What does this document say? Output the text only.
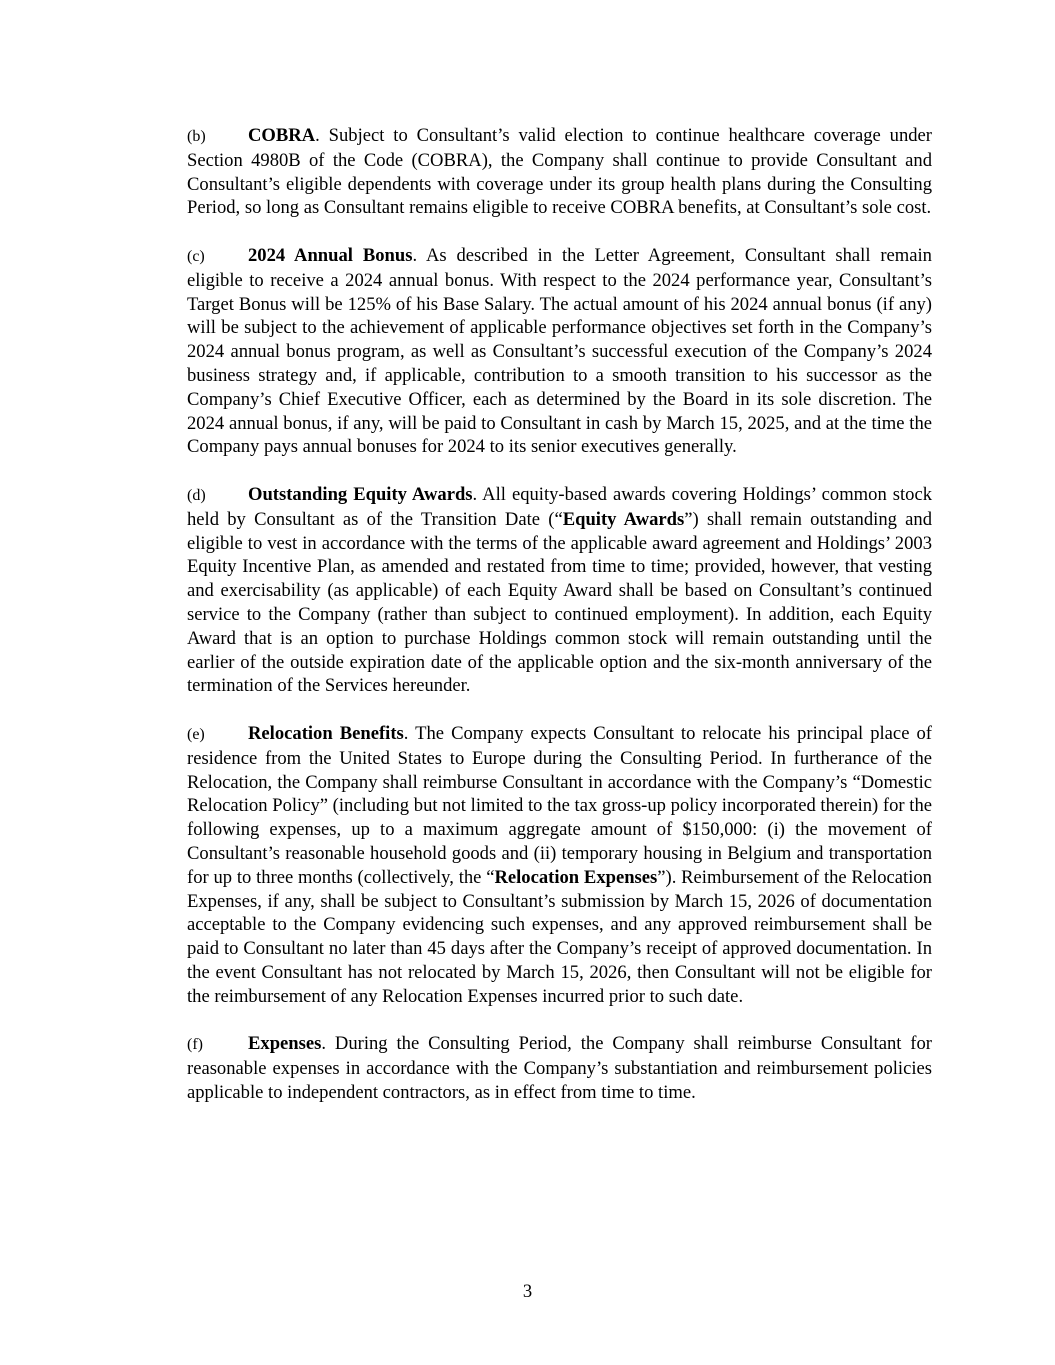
(b) COBRA. Subject to Consultant’s valid election to continue healthcare coverage under Section 4980B of the Code (COBRA), the Company shall continue to provide Consultant and Consultant’s eligible dependents with coverage under its group health plans during the Consulting Period, so long as Consultant remains eligible to receive COBRA benefits, at Consultant’s sole cost.

(c) 2024 Annual Bonus. As described in the Letter Agreement, Consultant shall remain eligible to receive a 2024 annual bonus. With respect to the 2024 performance year, Consultant’s Target Bonus will be 125% of his Base Salary. The actual amount of his 2024 annual bonus (if any) will be subject to the achievement of applicable performance objectives set forth in the Company’s 2024 annual bonus program, as well as Consultant’s successful execution of the Company’s 2024 business strategy and, if applicable, contribution to a smooth transition to his successor as the Company’s Chief Executive Officer, each as determined by the Board in its sole discretion. The 2024 annual bonus, if any, will be paid to Consultant in cash by March 15, 2025, and at the time the Company pays annual bonuses for 2024 to its senior executives generally.

(d) Outstanding Equity Awards. All equity-based awards covering Holdings’ common stock held by Consultant as of the Transition Date (“Equity Awards”) shall remain outstanding and eligible to vest in accordance with the terms of the applicable award agreement and Holdings’ 2003 Equity Incentive Plan, as amended and restated from time to time; provided, however, that vesting and exercisability (as applicable) of each Equity Award shall be based on Consultant’s continued service to the Company (rather than subject to continued employment). In addition, each Equity Award that is an option to purchase Holdings common stock will remain outstanding until the earlier of the outside expiration date of the applicable option and the six-month anniversary of the termination of the Services hereunder.

(e) Relocation Benefits. The Company expects Consultant to relocate his principal place of residence from the United States to Europe during the Consulting Period. In furtherance of the Relocation, the Company shall reimburse Consultant in accordance with the Company’s “Domestic Relocation Policy” (including but not limited to the tax gross-up policy incorporated therein) for the following expenses, up to a maximum aggregate amount of $150,000: (i) the movement of Consultant’s reasonable household goods and (ii) temporary housing in Belgium and transportation for up to three months (collectively, the “Relocation Expenses”). Reimbursement of the Relocation Expenses, if any, shall be subject to Consultant’s submission by March 15, 2026 of documentation acceptable to the Company evidencing such expenses, and any approved reimbursement shall be paid to Consultant no later than 45 days after the Company’s receipt of approved documentation. In the event Consultant has not relocated by March 15, 2026, then Consultant will not be eligible for the reimbursement of any Relocation Expenses incurred prior to such date.

(f) Expenses. During the Consulting Period, the Company shall reimburse Consultant for reasonable expenses in accordance with the Company’s substantiation and reimbursement policies applicable to independent contractors, as in effect from time to time.

3
